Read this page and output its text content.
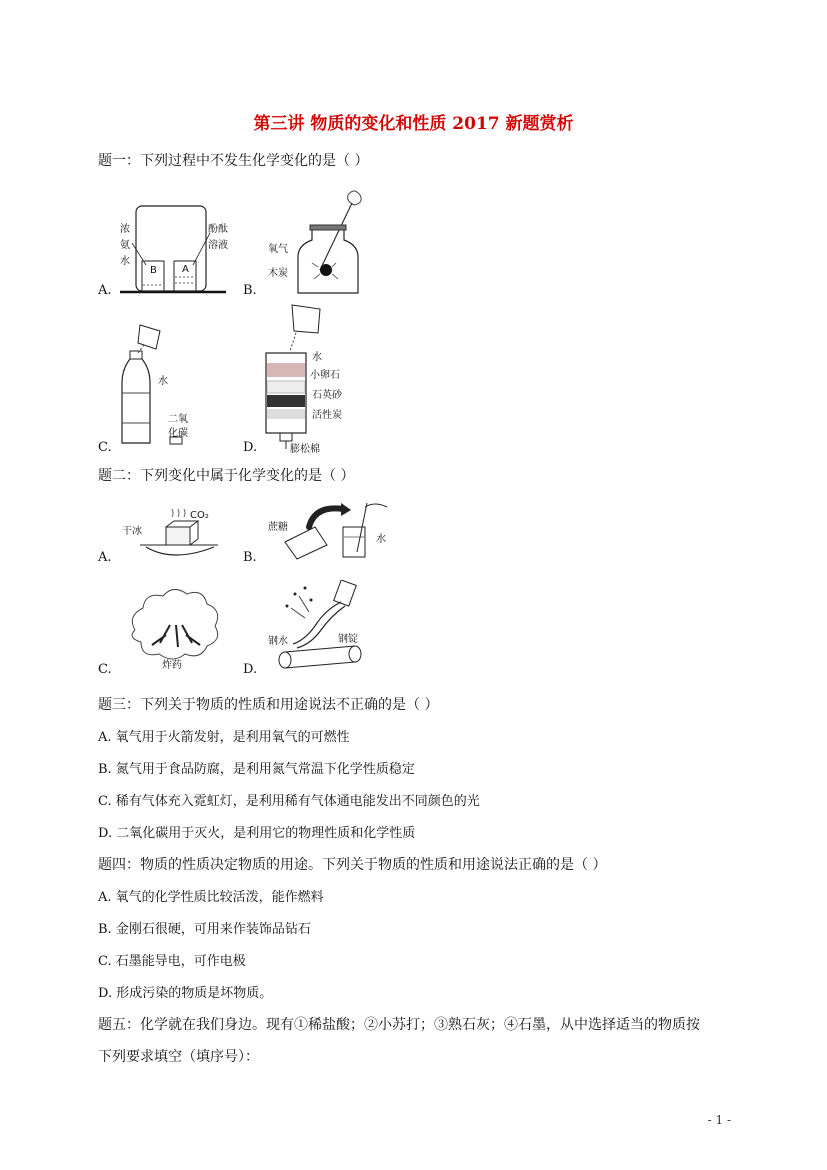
第三讲 物质的变化和性质 2017 新题赏析
题一：下列过程中不发生化学变化的是（ ）
A.
浓
氨
水
酚酞
溶液
B	A
B.
氧气
木炭
C.
水
二氧
化碳
D.
水
小卵石
石英砂
活性炭
膨松棉
题二：下列变化中属于化学变化的是（ ）
A.
干冰
CO₂
B.
蔗糖
水
C.	炸药	D.
钢水	钢锭
题三：下列关于物质的性质和用途说法不正确的是（ ）
A. 氧气用于火箭发射，是利用氧气的可燃性
B. 氮气用于食品防腐，是利用氮气常温下化学性质稳定
C. 稀有气体充入霓虹灯，是利用稀有气体通电能发出不同颜色的光
D. 二氧化碳用于灭火，是利用它的物理性质和化学性质
题四：物质的性质决定物质的用途。下列关于物质的性质和用途说法正确的是（ ）
A. 氧气的化学性质比较活泼，能作燃料
B. 金刚石很硬，可用来作装饰品钻石
C. 石墨能导电，可作电极
D. 形成污染的物质是坏物质。
题五：化学就在我们身边。现有①稀盐酸；②小苏打；③熟石灰；④石墨，从中选择适当的物质按
下列要求填空（填序号）：
- 1 -
